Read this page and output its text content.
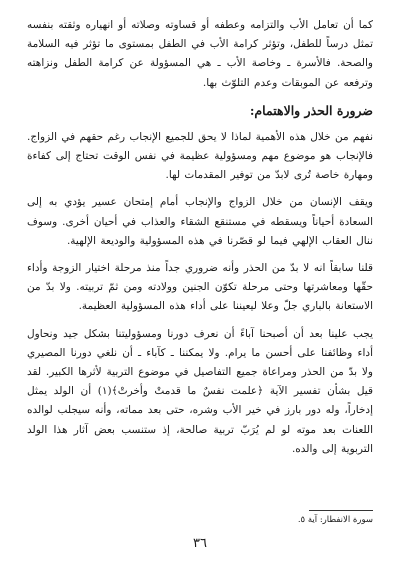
كما أن تعامل الأب والتزامه وعطفه أو قساوته وصلاته أو انهياره وثقته بنفسه تمثل درساً للطفل، وتؤثر كرامة الأب في الطفل بمستوى ما تؤثر فيه السلامة والصحة. فالأسرة ـ وخاصة الأب ـ هي المسؤولة عن كرامة الطفل ونزاهته وترفعه عن الموبقات وعدم التلوّث بها.

ضرورة الحذر والاهتمام:

نفهم من خلال هذه الأهمية لماذا لا يحق للجميع الإنجاب رغم حقهم في الزواج. فالإنجاب هو موضوع مهم ومسؤولية عظيمة في نفس الوقت تحتاج إلى كفاءة ومهارة خاصة تُرى لابدّ من توفير المقدمات لها.

ويقف الإنسان من خلال الزواج والإنجاب أمام إمتحان عسير يؤدي به إلى السعادة أحياناً ويسقطه في مستنقع الشقاء والعذاب في أحيان أخرى. وسوف ننال العقاب الإلهي فيما لو قصّرنا في هذه المسؤولية والوديعة الإلهية.

قلنا سابقاً انه لا بدّ من الحذر وأنه ضروري جداً منذ مرحلة اختيار الزوجة وأداء حقّها ومعاشرتها وحتى مرحلة تكوّن الجنين وولادته ومن ثمّ تربيته. ولا بدّ من الاستعانة بالباري جلّ وعلا ليعيننا على أداء هذه المسؤولية العظيمة.

يجب علينا بعد أن أصبحنا آباءً أن نعرف دورنا ومسؤوليتنا بشكل جيد ونحاول أداء وظائفنا على أحسن ما يرام. ولا يمكننا ـ كآباء ـ أن نلغي دورنا المصيري ولا بدّ من الحذر ومراعاة جميع التفاصيل في موضوع التربية لأثرها الكبير. لقد قيل بشأن تفسير الآية ﴿علمت نفسٌ ما قدمتْ وأخرتْ﴾(١) أن الولد يمثل إدخاراً، وله دور بارز في خير الأب وشره، حتى بعد مماته، وأنه سيجلب لوالده اللعنات بعد موته لو لم يُرَبّ تربية صالحة، إذ ستنسب بعض آثار هذا الولد التربوية إلى والده.

سورة الانفطار: آية ٥.
٣٦
